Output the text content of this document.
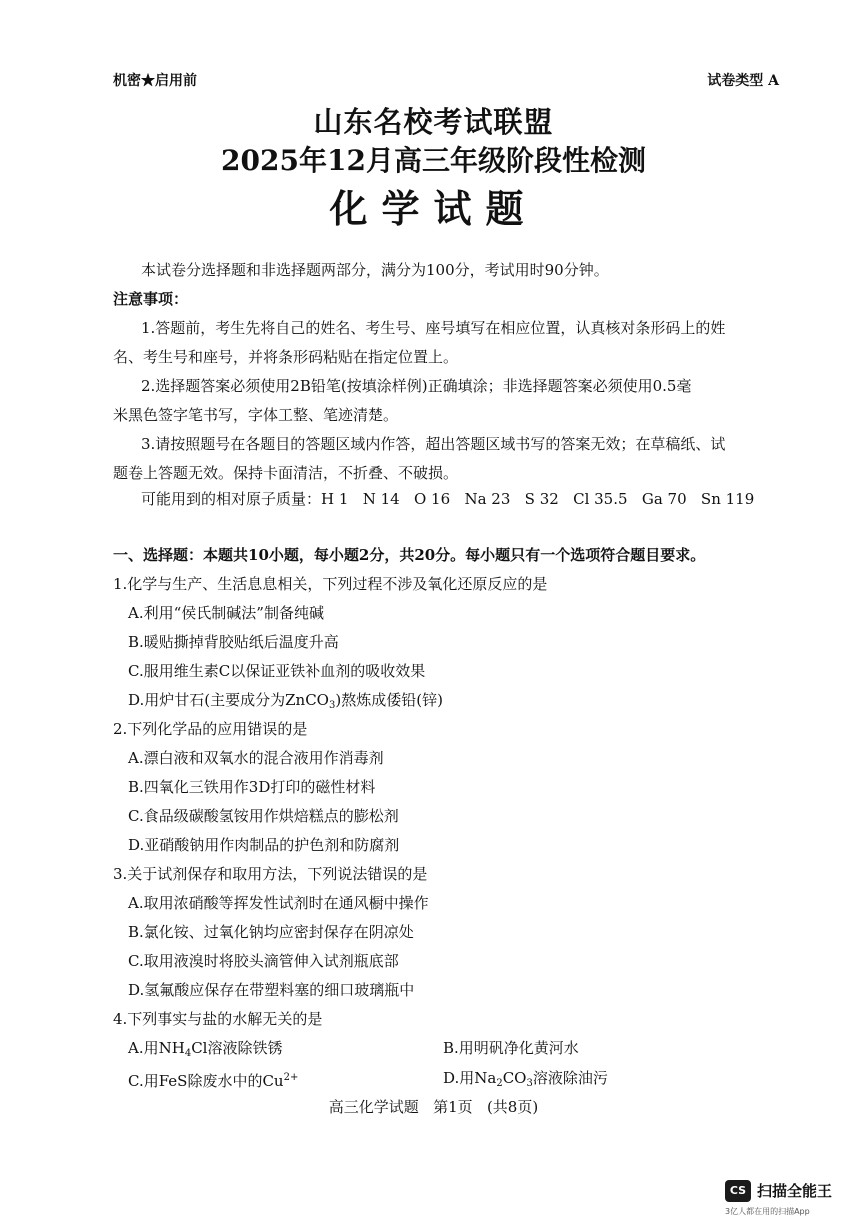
机密★启用前	试卷类型 A
山东名校考试联盟
2025年12月高三年级阶段性检测
化学试题
本试卷分选择题和非选择题两部分，满分为100分，考试用时90分钟。
注意事项：
1.答题前，考生先将自己的姓名、考生号、座号填写在相应位置，认真核对条形码上的姓
名、考生号和座号，并将条形码粘贴在指定位置上。
2.选择题答案必须使用2B铅笔(按填涂样例)正确填涂；非选择题答案必须使用0.5毫
米黑色签字笔书写，字体工整、笔迹清楚。
3.请按照题号在各题目的答题区域内作答，超出答题区域书写的答案无效；在草稿纸、试
题卷上答题无效。保持卡面清洁，不折叠、不破损。
可能用到的相对原子质量：H 1   N 14   O 16   Na 23   S 32   Cl 35.5   Ga 70   Sn 119
一、选择题：本题共10小题，每小题2分，共20分。每小题只有一个选项符合题目要求。
1.化学与生产、生活息息相关，下列过程不涉及氧化还原反应的是
A.利用“侯氏制碱法”制备纯碱
B.暖贴撕掉背胶贴纸后温度升高
C.服用维生素C以保证亚铁补血剂的吸收效果
D.用炉甘石(主要成分为ZnCO$_3$)熬炼成倭铅(锌)
2.下列化学品的应用错误的是
A.漂白液和双氧水的混合液用作消毒剂
B.四氧化三铁用作3D打印的磁性材料
C.食品级碳酸氢铵用作烘焙糕点的膨松剂
D.亚硝酸钠用作肉制品的护色剂和防腐剂
3.关于试剂保存和取用方法，下列说法错误的是
A.取用浓硝酸等挥发性试剂时在通风橱中操作
B.氯化铵、过氧化钠均应密封保存在阴凉处
C.取用液溴时将胶头滴管伸入试剂瓶底部
D.氢氟酸应保存在带塑料塞的细口玻璃瓶中
4.下列事实与盐的水解无关的是
A.用$NH_4Cl$溶液除铁锈	B.用明矾净化黄河水
C.用FeS除废水中的$Cu^{2+}$	D.用$Na_2CO_3$溶液除油污
高三化学试题   第1页   (共8页)
CS 扫描全能王
3亿人都在用的扫描App
